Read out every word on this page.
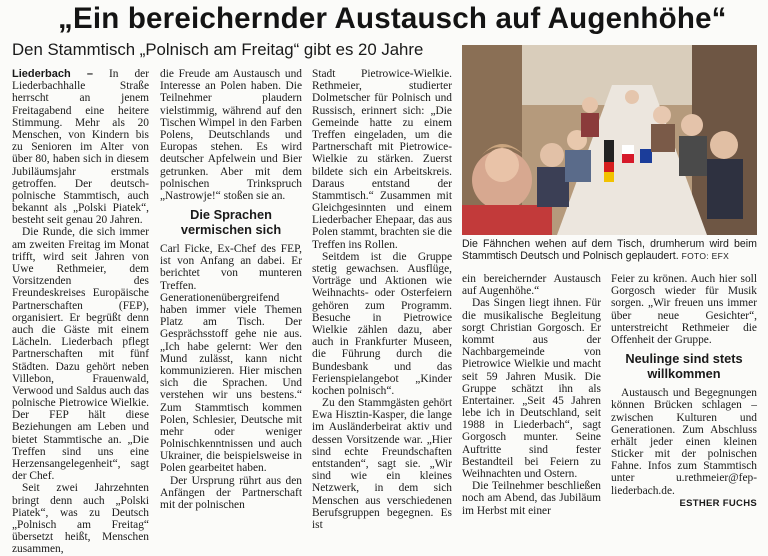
„Ein bereichernder Austausch auf Augenhöhe“
Den Stammtisch „Polnisch am Freitag“ gibt es 20 Jahre

Liederbach – In der Liederbachhalle Straße herrscht an jenem Freitagabend eine heitere Stimmung. Mehr als 20 Menschen, von Kindern bis zu Senioren im Alter von über 80, haben sich in diesem Jubiläumsjahr erstmals getroffen. Der deutsch-polnische Stammtisch, auch bekannt als „Polski Piatek“, besteht seit genau 20 Jahren.

Die Runde, die sich immer am zweiten Freitag im Monat trifft, wird seit Jahren von Uwe Rethmeier, dem Vorsitzenden des Freundeskreises Europäische Partnerschaften (FEP), organisiert. Er begrüßt denn auch die Gäste mit einem Lächeln. Liederbach pflegt Partnerschaften mit fünf Städten. Dazu gehört neben Villebon, Frauenwald, Verwood und Saldus auch das polnische Pietrowice Wielkie. Der FEP hält diese Beziehungen am Leben und bietet Stammtische an. „Die Treffen sind uns eine Herzensangelegenheit“, sagt der Chef.

Seit zwei Jahrzehnten bringt denn auch „Polski Piatek“, was zu Deutsch „Polnisch am Freitag“ übersetzt heißt, Menschen zusammen,

die Freude am Austausch und Interesse an Polen haben. Die Teilnehmer plaudern vielstimmig, während auf den Tischen Wimpel in den Farben Polens, Deutschlands und Europas stehen. Es wird deutscher Apfelwein und Bier getrunken. Aber mit dem polnischen Trinkspruch „Nastrowje!“ stoßen sie an.

Die Sprachen vermischen sich

Carl Ficke, Ex-Chef des FEP, ist von Anfang an dabei. Er berichtet von munteren Treffen. Generationenübergreifend haben immer viele Themen Platz am Tisch. Der Gesprächsstoff gehe nie aus. „Ich habe gelernt: Wer den Mund zulässt, kann nicht kommunizieren. Hier mischen sich die Sprachen. Und verstehen wir uns bestens.“ Zum Stammtisch kommen Polen, Schlesier, Deutsche mit mehr oder weniger Polnischkenntnissen und auch Ukrainer, die beispielsweise in Polen gearbeitet haben.

Der Ursprung rührt aus den Anfängen der Partnerschaft mit der polnischen

Stadt Pietrowice-Wielkie. Rethmeier, studierter Dolmetscher für Polnisch und Russisch, erinnert sich: „Die Gemeinde hatte zu einem Treffen eingeladen, um die Partnerschaft mit Pietrowice-Wielkie zu stärken. Zuerst bildete sich ein Arbeitskreis. Daraus entstand der Stammtisch.“ Zusammen mit Gleichgesinnten und einem Liederbacher Ehepaar, das aus Polen stammt, brachten sie die Treffen ins Rollen.

Seitdem ist die Gruppe stetig gewachsen. Ausflüge, Vorträge und Aktionen wie Weihnachts- oder Osterfeiern gehören zum Programm. Besuche in Pietrowice Wielkie zählen dazu, aber auch in Frankfurter Museen, die Führung durch die Bundesbank und das Ferienspielangebot „Kinder kochen polnisch“.

Zu den Stammgästen gehört Ewa Hisztin-Kasper, die lange im Ausländerbeirat aktiv und dessen Vorsitzende war. „Hier sind echte Freundschaften entstanden“, sagt sie. „Wir sind wie ein kleines Netzwerk, in dem sich Menschen aus verschiedenen Berufsgruppen begegnen. Es ist

Die Fähnchen wehen auf dem Tisch, drumherum wird beim Stammtisch Deutsch und Polnisch geplaudert. FOTO: EFX

ein bereichernder Austausch auf Augenhöhe.“

Das Singen liegt ihnen. Für die musikalische Begleitung sorgt Christian Gorgosch. Er kommt aus der Nachbargemeinde von Pietrowice Wielkie und macht seit 59 Jahren Musik. Die Gruppe schätzt ihn als Entertainer. „Seit 45 Jahren lebe ich in Deutschland, seit 1988 in Liederbach“, sagt Gorgosch munter. Seine Auftritte sind fester Bestandteil bei Feiern zu Weihnachten und Ostern.

Die Teilnehmer beschließen noch am Abend, das Jubiläum im Herbst mit einer

Feier zu krönen. Auch hier soll Gorgosch wieder für Musik sorgen. „Wir freuen uns immer über neue Gesichter“, unterstreicht Rethmeier die Offenheit der Gruppe.

Neulinge sind stets willkommen

Austausch und Begegnungen können Brücken schlagen – zwischen Kulturen und Generationen. Zum Abschluss erhält jeder einen kleinen Sticker mit der polnischen Fahne. Infos zum Stammtisch unter u.rethmeier@fep-liederbach.de.

ESTHER FUCHS
